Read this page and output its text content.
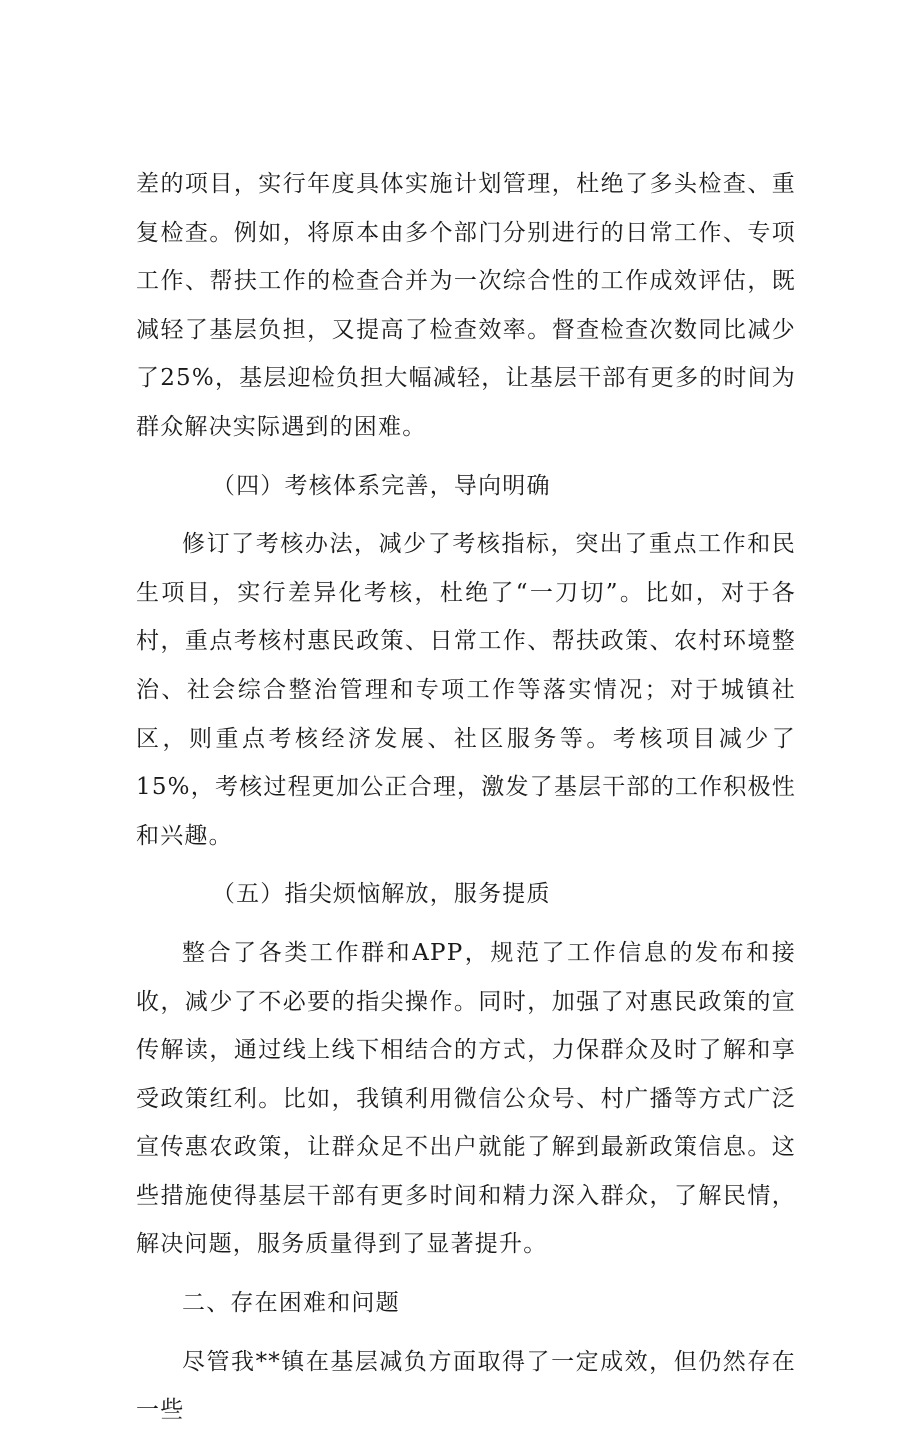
差的项目，实行年度具体实施计划管理，杜绝了多头检查、重复检查。例如，将原本由多个部门分别进行的日常工作、专项工作、帮扶工作的检查合并为一次综合性的工作成效评估，既减轻了基层负担，又提高了检查效率。督查检查次数同比减少了25%，基层迎检负担大幅减轻，让基层干部有更多的时间为群众解决实际遇到的困难。

（四）考核体系完善，导向明确

修订了考核办法，减少了考核指标，突出了重点工作和民生项目，实行差异化考核，杜绝了“一刀切”。比如，对于各村，重点考核村惠民政策、日常工作、帮扶政策、农村环境整治、社会综合整治管理和专项工作等落实情况；对于城镇社区，则重点考核经济发展、社区服务等。考核项目减少了15%，考核过程更加公正合理，激发了基层干部的工作积极性和兴趣。

（五）指尖烦恼解放，服务提质

整合了各类工作群和APP，规范了工作信息的发布和接收，减少了不必要的指尖操作。同时，加强了对惠民政策的宣传解读，通过线上线下相结合的方式，力保群众及时了解和享受政策红利。比如，我镇利用微信公众号、村广播等方式广泛宣传惠农政策，让群众足不出户就能了解到最新政策信息。这些措施使得基层干部有更多时间和精力深入群众，了解民情，解决问题，服务质量得到了显著提升。

二、存在困难和问题

尽管我**镇在基层减负方面取得了一定成效，但仍然存在一些
